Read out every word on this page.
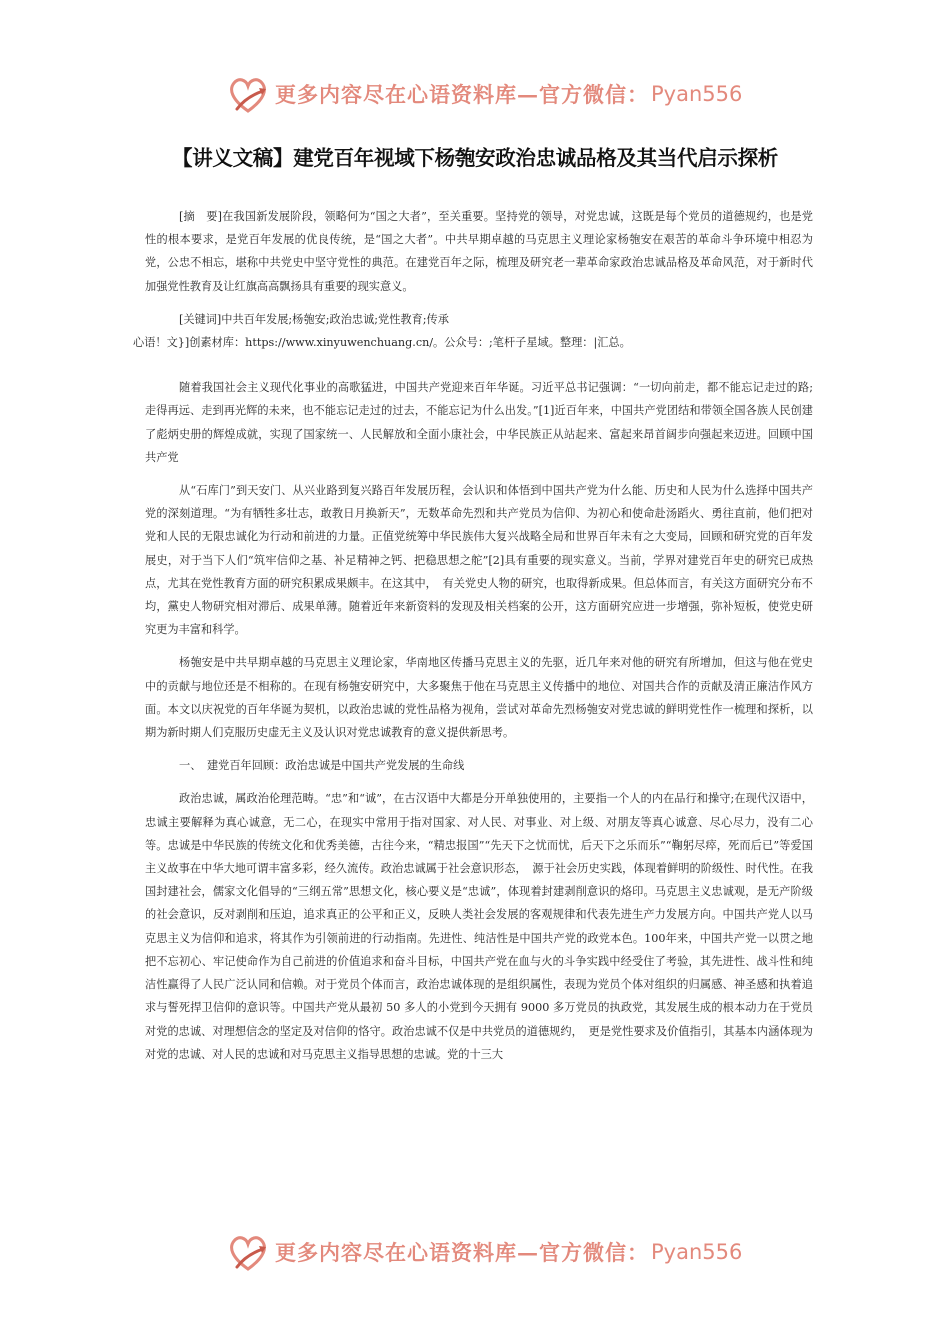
更多内容尽在心语资料库—官方微信： Pyan556
【讲义文稿】建党百年视域下杨匏安政治忠诚品格及其当代启示探析

[摘　要]在我国新发展阶段，领略何为“国之大者”，至关重要。坚持党的领导，对党忠诚，这既是每个党员的道德规约，也是党性的根本要求，是党百年发展的优良传统，是“国之大者”。中共早期卓越的马克思主义理论家杨匏安在艰苦的革命斗争环境中相忍为党，公忠不相忘，堪称中共党史中坚守党性的典范。在建党百年之际，梳理及研究老一辈革命家政治忠诚品格及革命风范，对于新时代加强党性教育及让红旗高高飘扬具有重要的现实意义。

[关键词]中共百年发展;杨匏安;政治忠诚;党性教育;传承
心语！文}]创素材库：https://www.xinyuwenchuang.cn/。公众号：;笔杆子星域。整理：|汇总。

随着我国社会主义现代化事业的高歌猛进，中国共产党迎来百年华诞。习近平总书记强调：“一切向前走，都不能忘记走过的路;走得再远、走到再光辉的未来，也不能忘记走过的过去，不能忘记为什么出发。”[1]近百年来，中国共产党团结和带领全国各族人民创建了彪炳史册的辉煌成就，实现了国家统一、人民解放和全面小康社会，中华民族正从站起来、富起来昂首阔步向强起来迈进。回顾中国共产党

从“石库门”到天安门、从兴业路到复兴路百年发展历程，会认识和体悟到中国共产党为什么能、历史和人民为什么选择中国共产党的深刻道理。“为有牺牲多壮志，敢教日月换新天”，无数革命先烈和共产党员为信仰、为初心和使命赴汤蹈火、勇往直前，他们把对党和人民的无限忠诚化为行动和前进的力量。正值党统筹中华民族伟大复兴战略全局和世界百年未有之大变局，回顾和研究党的百年发展史，对于当下人们“筑牢信仰之基、补足精神之钙、把稳思想之舵”[2]具有重要的现实意义。当前，学界对建党百年史的研究已成热点，尤其在党性教育方面的研究积累成果颇丰。在这其中，　有关党史人物的研究，也取得新成果。但总体而言，有关这方面研究分布不均，黨史人物研究相对滞后、成果单薄。随着近年来新资料的发现及相关档案的公开，这方面研究应进一步增强，弥补短板，使党史研究更为丰富和科学。

杨匏安是中共早期卓越的马克思主义理论家，华南地区传播马克思主义的先驱，近几年来对他的研究有所增加，但这与他在党史中的贡献与地位还是不相称的。在现有杨匏安研究中，大多聚焦于他在马克思主义传播中的地位、对国共合作的贡献及清正廉洁作风方面。本文以庆祝党的百年华诞为契机，以政治忠诚的党性品格为视角，尝试对革命先烈杨匏安对党忠诚的鲜明党性作一梳理和探析，以期为新时期人们克服历史虚无主义及认识对党忠诚教育的意义提供新思考。

一、　建党百年回顾：政治忠诚是中国共产党发展的生命线

政治忠诚，属政治伦理范畴。“忠”和“诚”，在古汉语中大都是分开单独使用的，主要指一个人的内在品行和操守;在现代汉语中，忠诚主要解释为真心诚意，无二心，在现实中常用于指对国家、对人民、对事业、对上级、对朋友等真心诚意、尽心尽力，没有二心等。忠诚是中华民族的传统文化和优秀美德，古往今来，“精忠报国”“先天下之忧而忧，后天下之乐而乐”“鞠躬尽瘁，死而后已”等爱国主义故事在中华大地可谓丰富多彩，经久流传。政治忠诚属于社会意识形态，　源于社会历史实践，体现着鲜明的阶级性、时代性。在我国封建社会，儒家文化倡导的“三纲五常”思想文化，核心要义是“忠诚”，体现着封建剥削意识的烙印。马克思主义忠诚观，是无产阶级的社会意识，反对剥削和压迫，追求真正的公平和正义，反映人类社会发展的客观规律和代表先进生产力发展方向。中国共产党人以马克思主义为信仰和追求，将其作为引领前进的行动指南。先进性、纯洁性是中国共产党的政党本色。100年来，中国共产党一以贯之地把不忘初心、牢记使命作为自己前进的价值追求和奋斗目标，中国共产党在血与火的斗争实践中经受住了考验，其先进性、战斗性和纯洁性赢得了人民广泛认同和信赖。对于党员个体而言，政治忠诚体现的是组织属性，表现为党员个体对组织的归属感、神圣感和执着追求与誓死捍卫信仰的意识等。中国共产党从最初 50 多人的小党到今天拥有 9000 多万党员的执政党，其发展生成的根本动力在于党员对党的忠诚、对理想信念的坚定及对信仰的恪守。政治忠诚不仅是中共党员的道德规约，　更是党性要求及价值指引，其基本内涵体现为对党的忠诚、对人民的忠诚和对马克思主义指导思想的忠诚。党的十三大

更多内容尽在心语资料库—官方微信： Pyan556
